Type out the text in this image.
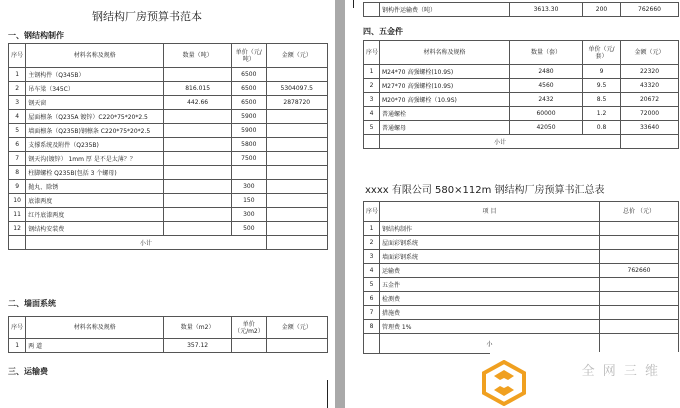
钢结构厂房预算书范本
一、钢结构制作
序号	材料名称及规格	数量（吨）	单价（元/吨）	金额（元）
1	主钢构件（Q345B）		6500	
2	吊车梁（345C）	816.015	6500	5304097.5
3	钢天窗	442.66	6500	2878720
4	屋面檩条（Q235A 镀锌）C220*75*20*2.5		5900	
5	墙面檩条（Q235B)钢檩条 C220*75*20*2.5		5900	
6	支撑系统及附件（Q235B)		5800	
7	钢天沟(镀锌） 1mm 厚 是不是太薄？？		7500	
8	柱脚螺栓 Q235B(包括 3 个螺母)			
9	抛丸、除锈		300	
10	底漆两度		150	
11	红丹底漆两度		300	
12	钢结构安装费		500	
	小计			
二、墙面系统
序号	材料名称及规格	数量（m2）	单价（元/m2）	金额（元）
1	两 道	357.12		
三、运输费
	钢构件运输费（吨）	3613.30	200	762660
四、五金件
序号	材料名称及规格	数量（套）	单价（元/套）	金额（元）
1	M24*70 高强螺栓(10.9S)	2480	9	22320
2	M27*70 高强螺栓(10.9S)	4560	9.5	43320
3	M20*70 高强螺栓（10.9S)	2432	8.5	20672
4	普通螺栓	60000	1.2	72000
5	普通螺母	42050	0.8	33640
	小计			
xxxx 有限公司 580×112m 钢结构厂房预算书汇总表
序号	项 目	总价 （元）
1	钢结构制作	
2	屋面彩钢系统	
3	墙面彩钢系统	
4	运输费	762660
5	五金件	
6	检测费	
7	措施费	
8	管理费 1%	
	小	
全 网 三 维
